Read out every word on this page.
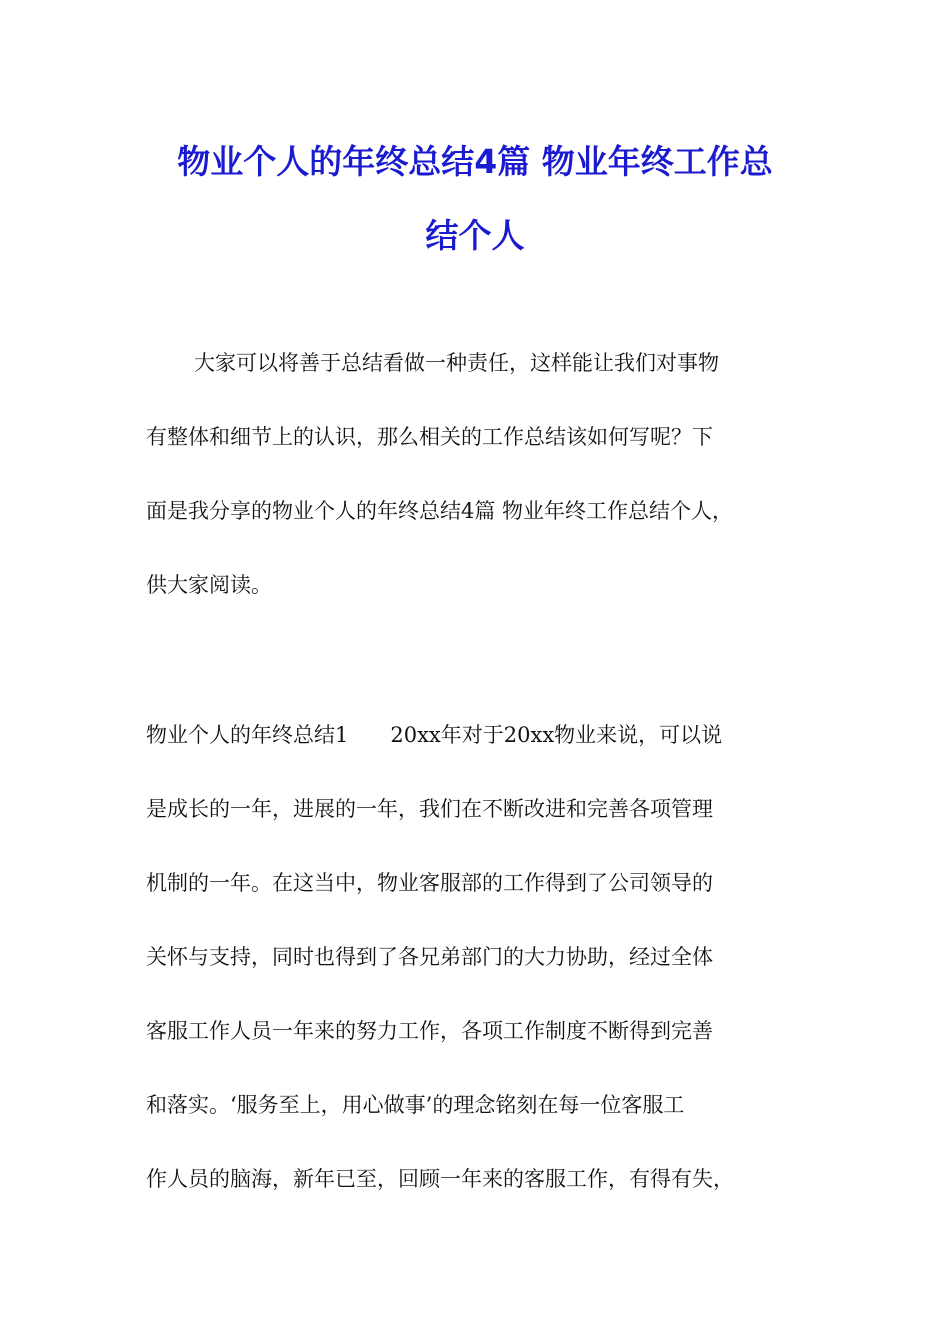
物业个人的年终总结4篇 物业年终工作总
结个人
大家可以将善于总结看做一种责任，这样能让我们对事物
有整体和细节上的认识，那么相关的工作总结该如何写呢？下
面是我分享的物业个人的年终总结4篇 物业年终工作总结个人，
供大家阅读。
物业个人的年终总结1　　20xx年对于20xx物业来说，可以说
是成长的一年，进展的一年，我们在不断改进和完善各项管理
机制的一年。在这当中，物业客服部的工作得到了公司领导的
关怀与支持，同时也得到了各兄弟部门的大力协助，经过全体
客服工作人员一年来的努力工作，各项工作制度不断得到完善
和落实。‘服务至上，用心做事’的理念铭刻在每一位客服工
作人员的脑海，新年已至，回顾一年来的客服工作，有得有失，
